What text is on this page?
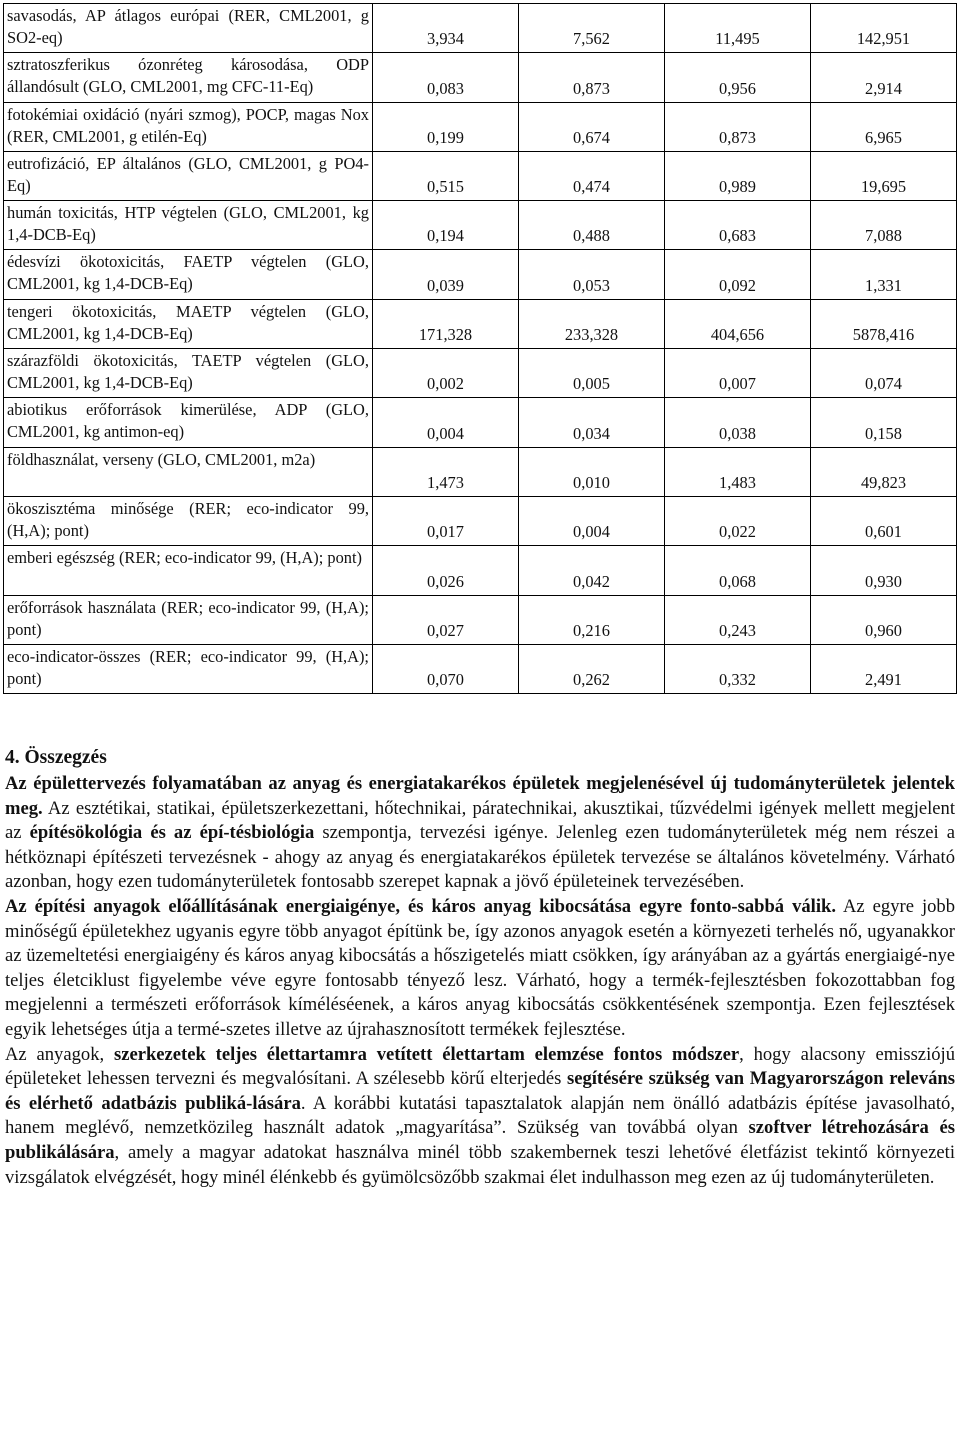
savasodás, AP átlagos európai (RER, CML2001, g SO2-eq)	3,934	7,562	11,495	142,951
sztratoszferikus ózonréteg károsodása, ODP állandósult (GLO, CML2001, mg CFC-11-Eq)	0,083	0,873	0,956	2,914
fotokémiai oxidáció (nyári szmog), POCP, magas Nox (RER, CML2001, g etilén-Eq)	0,199	0,674	0,873	6,965
eutrofizáció, EP általános (GLO, CML2001, g PO4-Eq)	0,515	0,474	0,989	19,695
humán toxicitás, HTP végtelen (GLO, CML2001, kg 1,4-DCB-Eq)	0,194	0,488	0,683	7,088
édesvízi ökotoxicitás, FAETP végtelen (GLO, CML2001, kg 1,4-DCB-Eq)	0,039	0,053	0,092	1,331
tengeri ökotoxicitás, MAETP végtelen (GLO, CML2001, kg 1,4-DCB-Eq)	171,328	233,328	404,656	5878,416
szárazföldi ökotoxicitás, TAETP végtelen (GLO, CML2001, kg 1,4-DCB-Eq)	0,002	0,005	0,007	0,074
abiotikus erőforrások kimerülése, ADP (GLO, CML2001, kg antimon-eq)	0,004	0,034	0,038	0,158
földhasználat, verseny (GLO, CML2001, m2a)	1,473	0,010	1,483	49,823
ökoszisztéma minősége (RER; eco-indicator 99, (H,A); pont)	0,017	0,004	0,022	0,601
emberi egészség (RER; eco-indicator 99, (H,A); pont)	0,026	0,042	0,068	0,930
erőforrások használata (RER; eco-indicator 99, (H,A); pont)	0,027	0,216	0,243	0,960
eco-indicator-összes (RER; eco-indicator 99, (H,A); pont)	0,070	0,262	0,332	2,491
4. Összegzés

Az épülettervezés folyamatában az anyag és energiatakarékos épületek megjelenésével új tudományterületek jelentek meg. Az esztétikai, statikai, épületszerkezettani, hőtechnikai, páratechnikai, akusztikai, tűzvédelmi igények mellett megjelent az építésökológia és az épí-tésbiológia szempontja, tervezési igénye. Jelenleg ezen tudományterületek még nem részei a hétköznapi építészeti tervezésnek - ahogy az anyag és energiatakarékos épületek tervezése se általános követelmény. Várható azonban, hogy ezen tudományterületek fontosabb szerepet kapnak a jövő épületeinek tervezésében.

Az építési anyagok előállításának energiaigénye, és káros anyag kibocsátása egyre fonto-sabbá válik. Az egyre jobb minőségű épületekhez ugyanis egyre több anyagot építünk be, így azonos anyagok esetén a környezeti terhelés nő, ugyanakkor az üzemeltetési energiaigény és káros anyag kibocsátás a hőszigetelés miatt csökken, így arányában az a gyártás energiaigé-nye teljes életciklust figyelembe véve egyre fontosabb tényező lesz. Várható, hogy a termék-fejlesztésben fokozottabban fog megjelenni a természeti erőforrások kíméléséenek, a káros anyag kibocsátás csökkentésének szempontja. Ezen fejlesztések egyik lehetséges útja a termé-szetes illetve az újrahasznosított termékek fejlesztése.

Az anyagok, szerkezetek teljes élettartamra vetített élettartam elemzése fontos módszer, hogy alacsony emissziójú épületeket lehessen tervezni és megvalósítani. A szélesebb körű elterjedés segítésére szükség van Magyarországon releváns és elérhető adatbázis publiká-lására. A korábbi kutatási tapasztalatok alapján nem önálló adatbázis építése javasolható, hanem meglévő, nemzetközileg használt adatok „magyarítása”. Szükség van továbbá olyan szoftver létrehozására és publikálására, amely a magyar adatokat használva minél több szakembernek teszi lehetővé életfázist tekintő környezeti vizsgálatok elvégzését, hogy minél élénkebb és gyümölcsözőbb szakmai élet indulhasson meg ezen az új tudományterületen.
